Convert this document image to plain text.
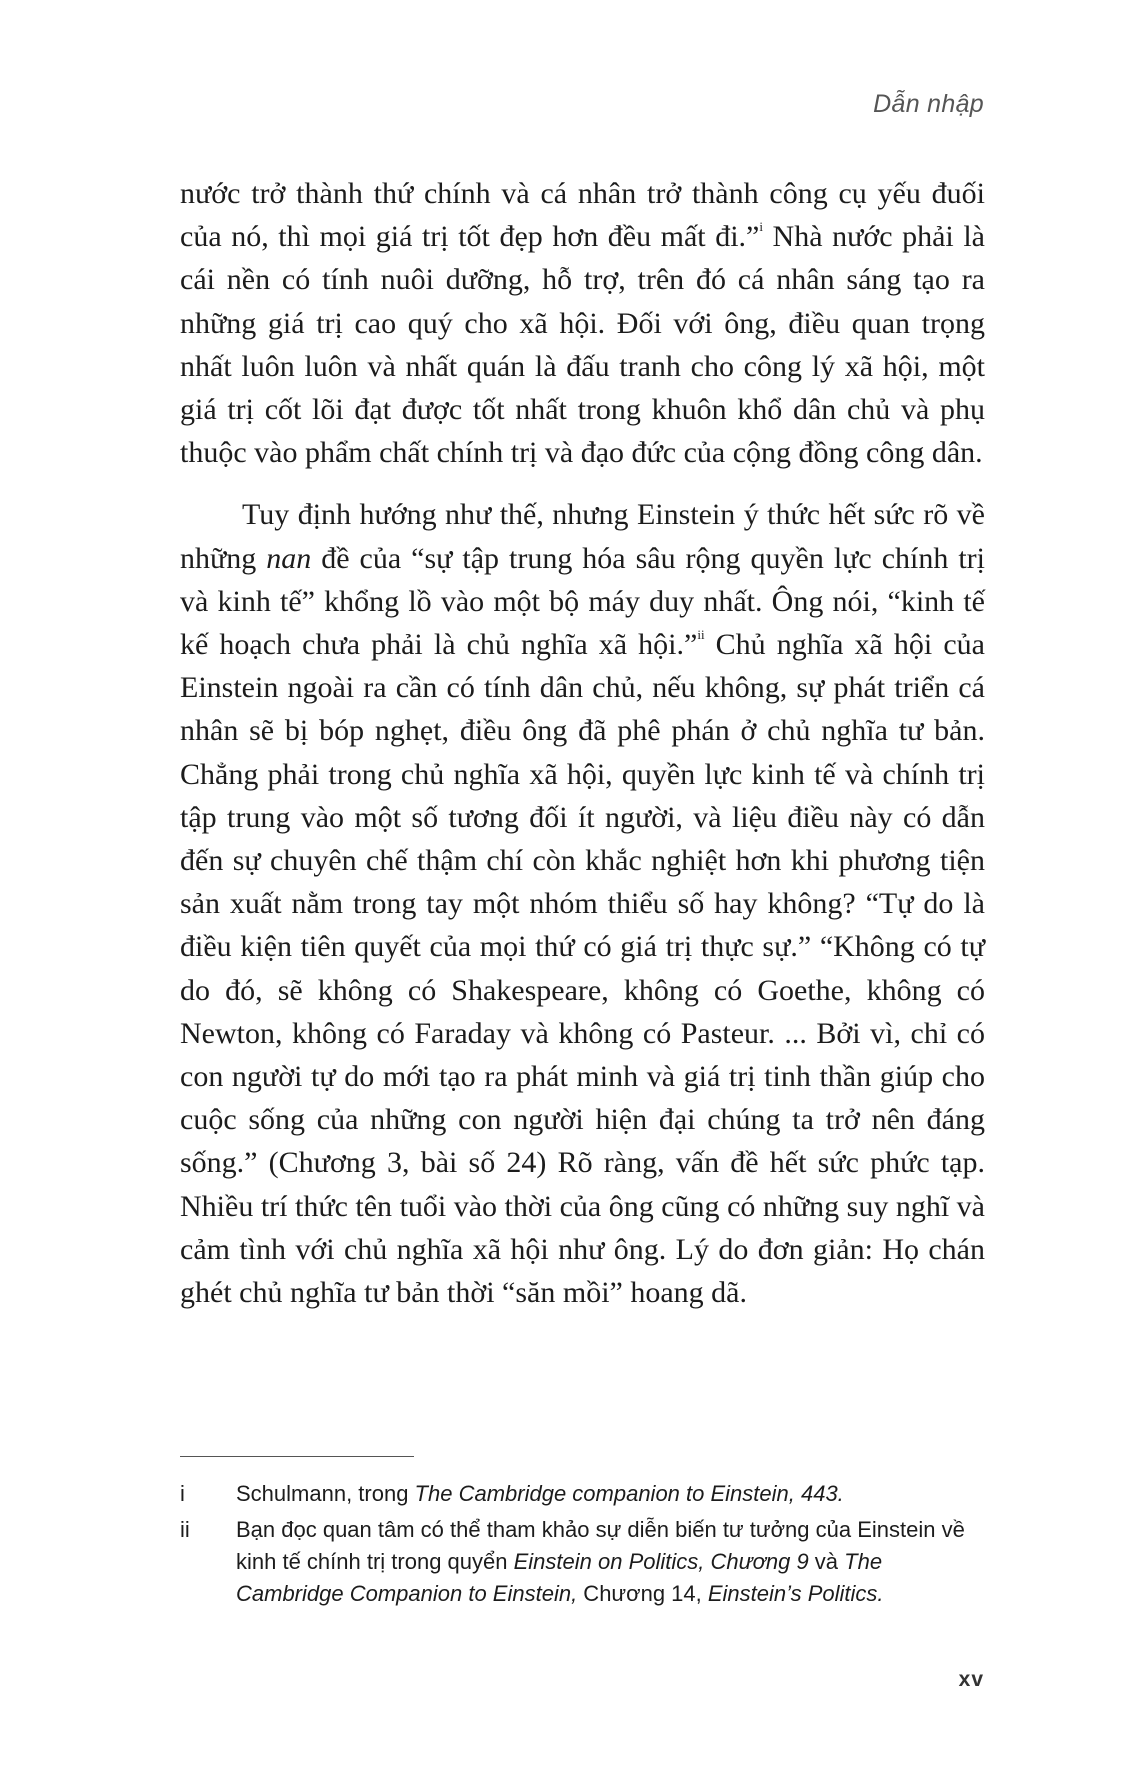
Dẫn nhập

nước trở thành thứ chính và cá nhân trở thành công cụ yếu đuối của nó, thì mọi giá trị tốt đẹp hơn đều mất đi.”$^i$ Nhà nước phải là cái nền có tính nuôi dưỡng, hỗ trợ, trên đó cá nhân sáng tạo ra những giá trị cao quý cho xã hội. Đối với ông, điều quan trọng nhất luôn luôn và nhất quán là đấu tranh cho công lý xã hội, một giá trị cốt lõi đạt được tốt nhất trong khuôn khổ dân chủ và phụ thuộc vào phẩm chất chính trị và đạo đức của cộng đồng công dân.

Tuy định hướng như thế, nhưng Einstein ý thức hết sức rõ về những nan đề của “sự tập trung hóa sâu rộng quyền lực chính trị và kinh tế” khổng lồ vào một bộ máy duy nhất. Ông nói, “kinh tế kế hoạch chưa phải là chủ nghĩa xã hội.”$^{ii}$ Chủ nghĩa xã hội của Einstein ngoài ra cần có tính dân chủ, nếu không, sự phát triển cá nhân sẽ bị bóp nghẹt, điều ông đã phê phán ở chủ nghĩa tư bản. Chẳng phải trong chủ nghĩa xã hội, quyền lực kinh tế và chính trị tập trung vào một số tương đối ít người, và liệu điều này có dẫn đến sự chuyên chế thậm chí còn khắc nghiệt hơn khi phương tiện sản xuất nằm trong tay một nhóm thiểu số hay không? “Tự do là điều kiện tiên quyết của mọi thứ có giá trị thực sự.” “Không có tự do đó, sẽ không có Shakespeare, không có Goethe, không có Newton, không có Faraday và không có Pasteur. ... Bởi vì, chỉ có con người tự do mới tạo ra phát minh và giá trị tinh thần giúp cho cuộc sống của những con người hiện đại chúng ta trở nên đáng sống.” (Chương 3, bài số 24) Rõ ràng, vấn đề hết sức phức tạp. Nhiều trí thức tên tuổi vào thời của ông cũng có những suy nghĩ và cảm tình với chủ nghĩa xã hội như ông. Lý do đơn giản: Họ chán ghét chủ nghĩa tư bản thời “săn mồi” hoang dã.

i	Schulmann, trong The Cambridge companion to Einstein, 443.
ii	Bạn đọc quan tâm có thể tham khảo sự diễn biến tư tưởng của Einstein về kinh tế chính trị trong quyển Einstein on Politics, Chương 9 và The Cambridge Companion to Einstein, Chương 14, Einstein’s Politics.
xv
